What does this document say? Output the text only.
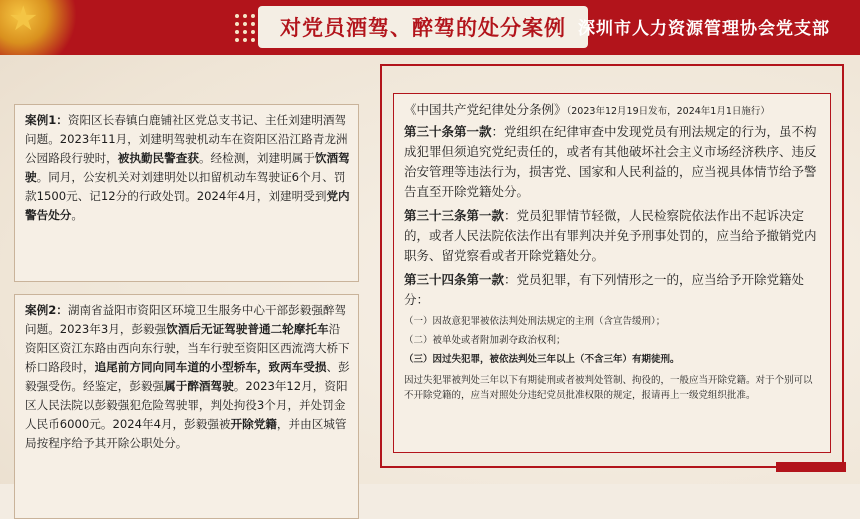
★	对党员酒驾、醉驾的处分案例 深圳市人力资源管理协会党支部
案例1：资阳区长春镇白鹿铺社区党总支书记、主任刘建明酒驾问题。2023年11月，刘建明驾驶机动车在资阳区沿江路青龙洲公园路段行驶时，被执勤民警查获。经检测，刘建明属于饮酒驾驶。同月，公安机关对刘建明处以扣留机动车驾驶证6个月、罚款1500元、记12分的行政处罚。2024年4月，刘建明受到党内警告处分。
案例2：湖南省益阳市资阳区环境卫生服务中心干部彭毅强醉驾问题。2023年3月，彭毅强饮酒后无证驾驶普通二轮摩托车沿资阳区资江东路由西向东行驶，当车行驶至资阳区西流湾大桥下桥口路段时，追尾前方同向同车道的小型轿车，致两车受损、彭毅强受伤。经鉴定，彭毅强属于醉酒驾驶。2023年12月，资阳区人民法院以彭毅强犯危险驾驶罪，判处拘役3个月，并处罚金人民币6000元。2024年4月，彭毅强被开除党籍，并由区城管局按程序给予其开除公职处分。
《中国共产党纪律处分条例》（2023年12月19日发布，2024年1月1日施行）
第三十条第一款：党组织在纪律审查中发现党员有刑法规定的行为，虽不构成犯罪但须追究党纪责任的，或者有其他破坏社会主义市场经济秩序、违反治安管理等违法行为，损害党、国家和人民利益的，应当视具体情节给予警告直至开除党籍处分。
第三十三条第一款：党员犯罪情节轻微，人民检察院依法作出不起诉决定的，或者人民法院依法作出有罪判决并免予刑事处罚的，应当给予撤销党内职务、留党察看或者开除党籍处分。
第三十四条第一款：党员犯罪，有下列情形之一的，应当给予开除党籍处分：
（一）因故意犯罪被依法判处刑法规定的主刑（含宣告缓刑）；
（二）被单处或者附加剥夺政治权利；
（三）因过失犯罪，被依法判处三年以上（不含三年）有期徒刑。
因过失犯罪被判处三年以下有期徒刑或者被判处管制、拘役的，一般应当开除党籍。对于个别可以不开除党籍的，应当对照处分违纪党员批准权限的规定，报请再上一级党组织批准。
